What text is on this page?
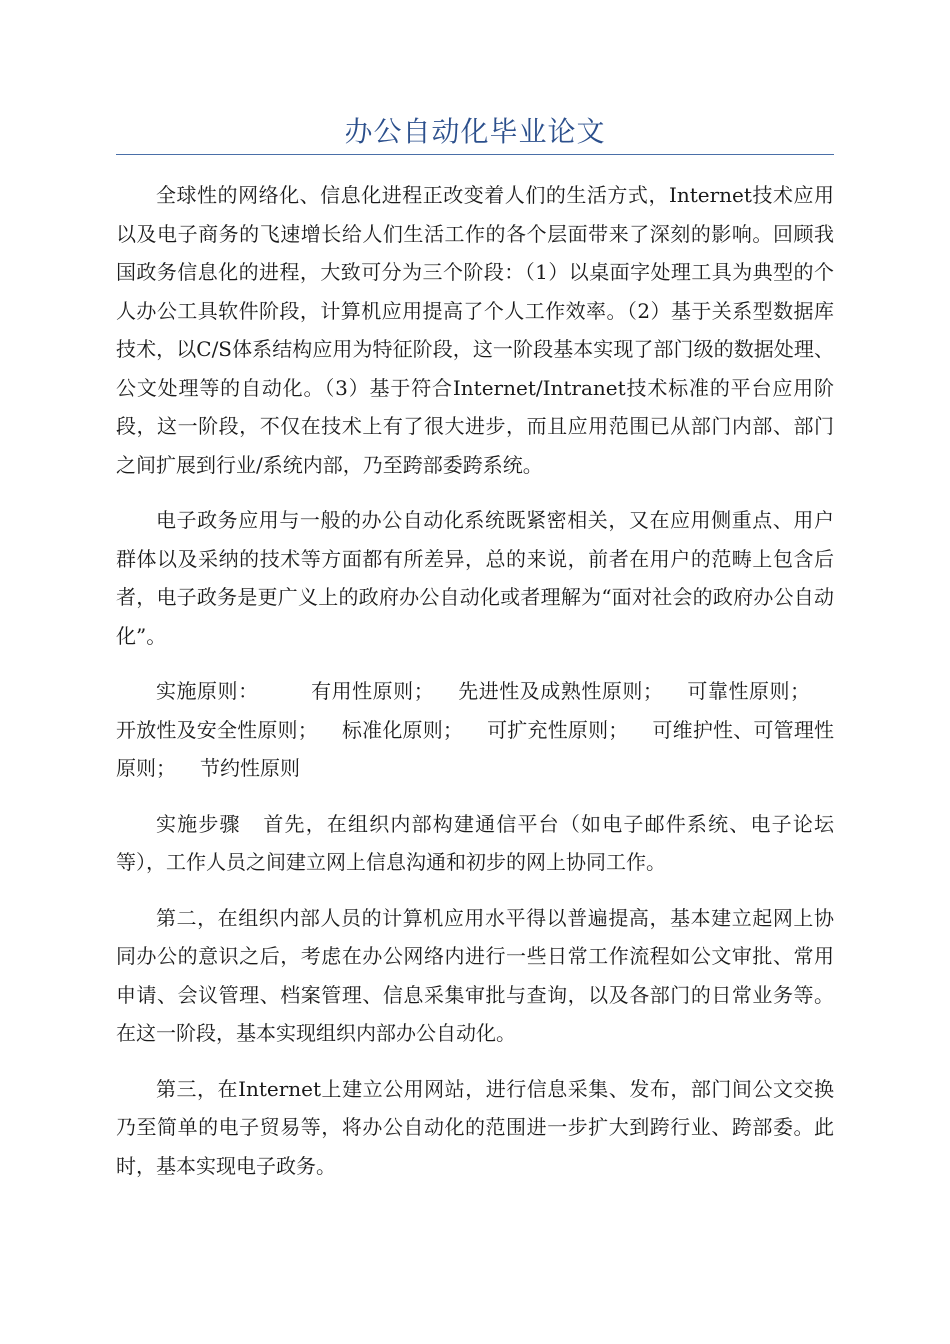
办公自动化毕业论文

全球性的网络化、信息化进程正改变着人们的生活方式，Internet技术应用以及电子商务的飞速增长给人们生活工作的各个层面带来了深刻的影响。回顾我国政务信息化的进程，大致可分为三个阶段：（1）以桌面字处理工具为典型的个人办公工具软件阶段，计算机应用提高了个人工作效率。（2）基于关系型数据库技术，以C/S体系结构应用为特征阶段，这一阶段基本实现了部门级的数据处理、公文处理等的自动化。（3）基于符合Internet/Intranet技术标准的平台应用阶段，这一阶段，不仅在技术上有了很大进步，而且应用范围已从部门内部、部门之间扩展到行业/系统内部，乃至跨部委跨系统。

电子政务应用与一般的办公自动化系统既紧密相关，又在应用侧重点、用户群体以及采纳的技术等方面都有所差异，总的来说，前者在用户的范畴上包含后者，电子政务是更广义上的政府办公自动化或者理解为“面对社会的政府办公自动化”。

实施原则：	有用性原则； 先进性及成熟性原则； 可靠性原则；开放性及安全性原则； 标准化原则； 可扩充性原则； 可维护性、可管理性原则； 节约性原则

实施步骤 首先，在组织内部构建通信平台（如电子邮件系统、电子论坛等），工作人员之间建立网上信息沟通和初步的网上协同工作。

第二，在组织内部人员的计算机应用水平得以普遍提高，基本建立起网上协同办公的意识之后，考虑在办公网络内进行一些日常工作流程如公文审批、常用申请、会议管理、档案管理、信息采集审批与查询，以及各部门的日常业务等。在这一阶段，基本实现组织内部办公自动化。

第三，在Internet上建立公用网站，进行信息采集、发布，部门间公文交换乃至简单的电子贸易等，将办公自动化的范围进一步扩大到跨行业、跨部委。此时，基本实现电子政务。
